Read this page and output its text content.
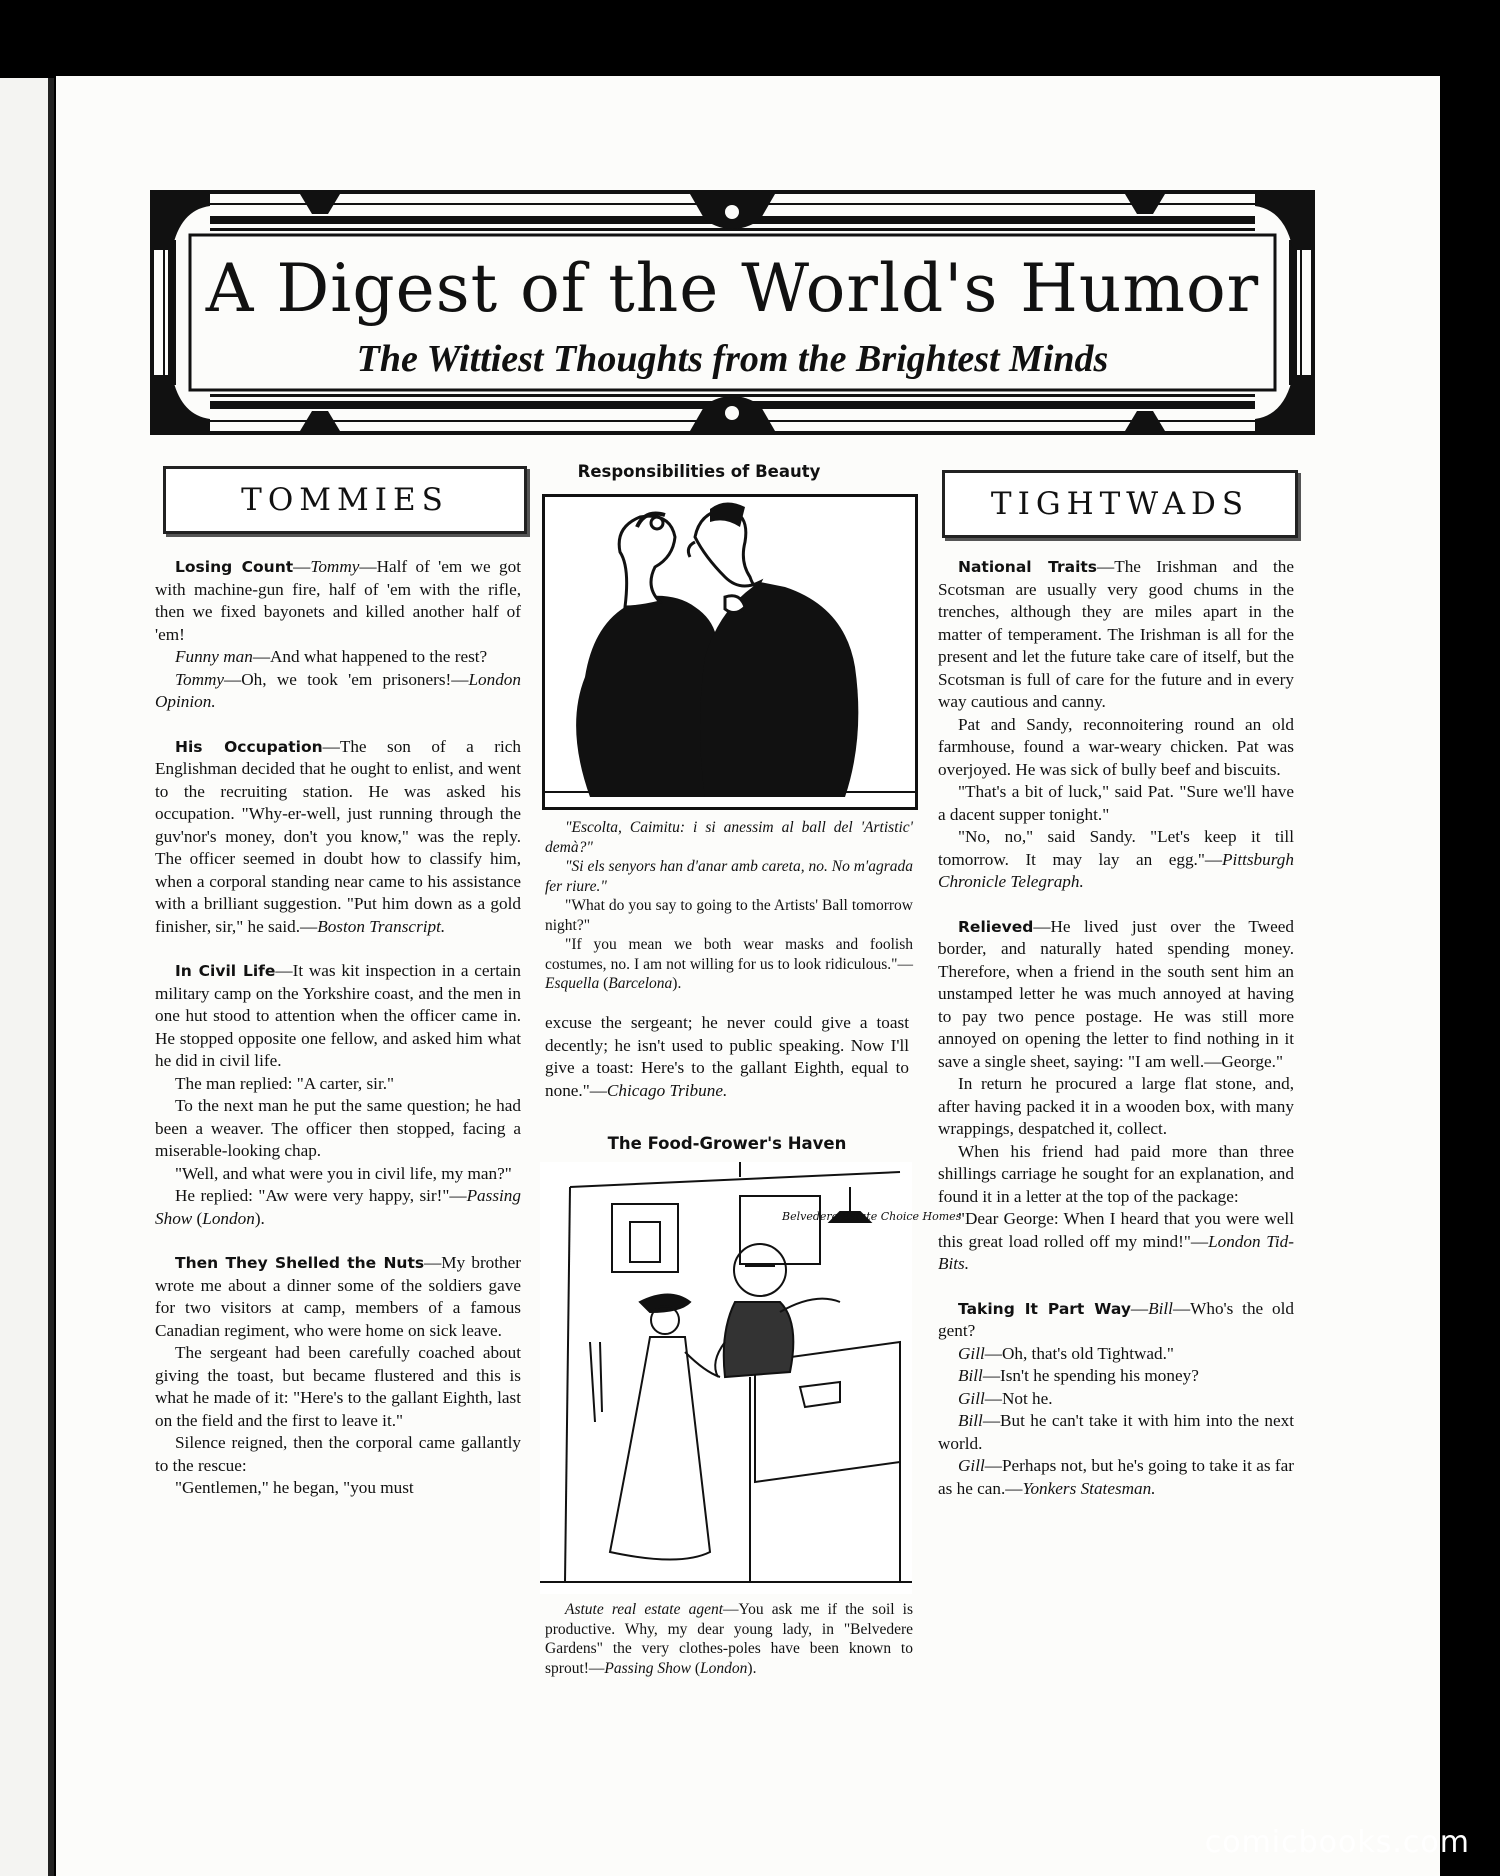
A Digest of the World's Humor
The Wittiest Thoughts from the Brightest Minds
TOMMIES

Losing Count—Tommy—Half of 'em we got with machine-gun fire, half of 'em with the rifle, then we fixed bayonets and killed another half of 'em!

Funny man—And what happened to the rest?

Tommy—Oh, we took 'em prisoners!—London Opinion.

His Occupation—The son of a rich Englishman decided that he ought to enlist, and went to the recruiting station. He was asked his occupation. "Why-er-well, just running through the guv'nor's money, don't you know," was the reply. The officer seemed in doubt how to classify him, when a corporal standing near came to his assistance with a brilliant suggestion. "Put him down as a gold finisher, sir," he said.—Boston Transcript.

In Civil Life—It was kit inspection in a certain military camp on the Yorkshire coast, and the men in one hut stood to attention when the officer came in. He stopped opposite one fellow, and asked him what he did in civil life.

The man replied: "A carter, sir."

To the next man he put the same question; he had been a weaver. The officer then stopped, facing a miserable-looking chap.

"Well, and what were you in civil life, my man?"

He replied: "Aw were very happy, sir!"—Passing Show (London).

Then They Shelled the Nuts—My brother wrote me about a dinner some of the soldiers gave for two visitors at camp, members of a famous Canadian regiment, who were home on sick leave.

The sergeant had been carefully coached about giving the toast, but became flustered and this is what he made of it: "Here's to the gallant Eighth, last on the field and the first to leave it."

Silence reigned, then the corporal came gallantly to the rescue:

"Gentlemen," he began, "you must

Responsibilities of Beauty

"Escolta, Caimitu: i si anessim al ball del 'Artistic' demà?"

"Si els senyors han d'anar amb careta, no. No m'agrada fer riure."

"What do you say to going to the Artists' Ball tomorrow night?"

"If you mean we both wear masks and foolish costumes, no. I am not willing for us to look ridiculous."—Esquella (Barcelona).

excuse the sergeant; he never could give a toast decently; he isn't used to public speaking. Now I'll give a toast: Here's to the gallant Eighth, equal to none."—Chicago Tribune.

The Food-Grower's Haven
Belvedere Estate Choice Homes

Astute real estate agent—You ask me if the soil is productive. Why, my dear young lady, in "Belvedere Gardens" the very clothes-poles have been known to sprout!—Passing Show (London).

TIGHTWADS

National Traits—The Irishman and the Scotsman are usually very good chums in the trenches, although they are miles apart in the matter of temperament. The Irishman is all for the present and let the future take care of itself, but the Scotsman is full of care for the future and in every way cautious and canny.

Pat and Sandy, reconnoitering round an old farmhouse, found a war-weary chicken. Pat was overjoyed. He was sick of bully beef and biscuits.

"That's a bit of luck," said Pat. "Sure we'll have a dacent supper tonight."

"No, no," said Sandy. "Let's keep it till tomorrow. It may lay an egg."—Pittsburgh Chronicle Telegraph.

Relieved—He lived just over the Tweed border, and naturally hated spending money. Therefore, when a friend in the south sent him an unstamped letter he was much annoyed at having to pay two pence postage. He was still more annoyed on opening the letter to find nothing in it save a single sheet, saying: "I am well.—George."

In return he procured a large flat stone, and, after having packed it in a wooden box, with many wrappings, despatched it, collect.

When his friend had paid more than three shillings carriage he sought for an explanation, and found it in a letter at the top of the package:

"Dear George: When I heard that you were well this great load rolled off my mind!"—London Tid-Bits.

Taking It Part Way—Bill—Who's the old gent?

Gill—Oh, that's old Tightwad."

Bill—Isn't he spending his money?

Gill—Not he.

Bill—But he can't take it with him into the next world.

Gill—Perhaps not, but he's going to take it as far as he can.—Yonkers Statesman.

comicbooks.com
